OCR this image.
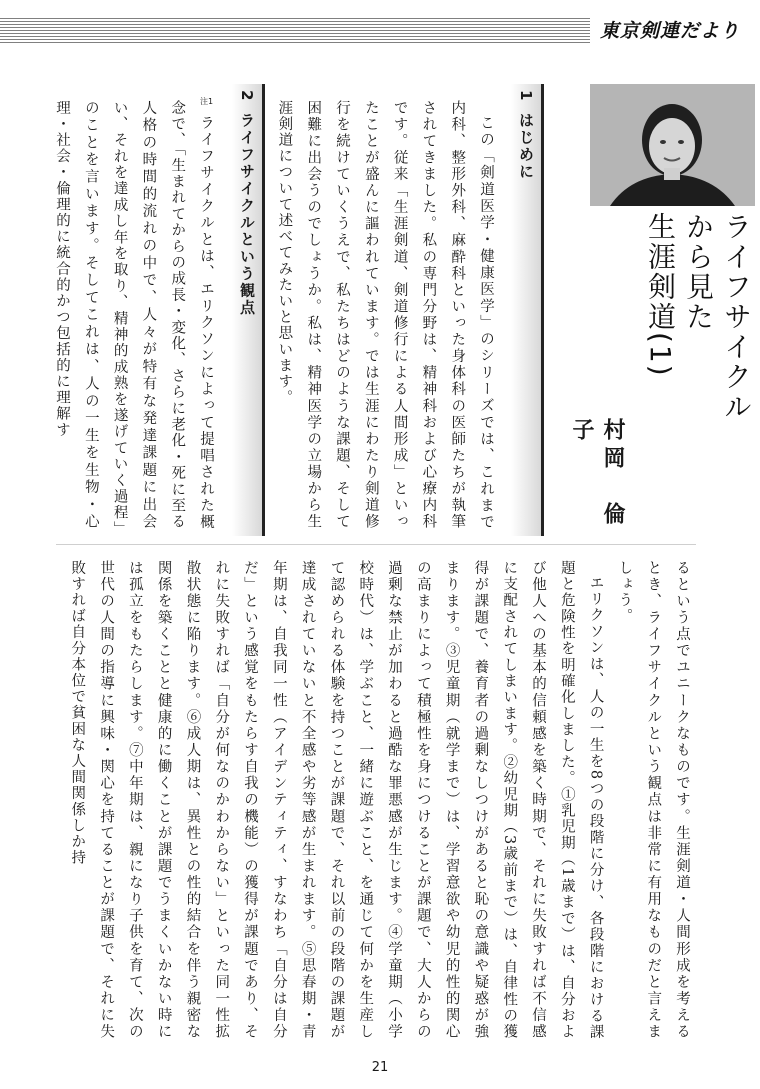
東京剣連だより
ライフサイクルから見た
生涯剣道(1)
村岡　倫子
1はじめに

この「剣道医学・健康医学」のシリーズでは、これまで内科、整形外科、麻酔科といった身体科の医師たちが執筆されてきました。私の専門分野は、精神科および心療内科です。従来「生涯剣道、剣道修行による人間形成」といったことが盛んに謳われています。では生涯にわたり剣道修行を続けていくうえで、私たちはどのような課題、そして困難に出会うのでしょうか。私は、精神医学の立場から生涯剣道について述べてみたいと思います。

2ライフサイクルという観点

ライフサイクルとは、エリクソンによって提唱された概念で、「生まれてからの成長・変化、さらに老化・死に至る人格の時間的流れの中で、人々が特有な発達課題に出会い、それを達成し年を取り、精神的成熟を遂げていく過程」のことを言います。そしてこれは、人の一生を生物・心理・社会・倫理的に統合的かつ包括的に理解す	注1

るという点でユニークなものです。生涯剣道・人間形成を考えるとき、ライフサイクルという観点は非常に有用なものだと言えましょう。

エリクソンは、人の一生を8つの段階に分け、各段階における課題と危険性を明確化しました。①乳児期（1歳まで）は、自分および他人への基本的信頼感を築く時期で、それに失敗すれば不信感に支配されてしまいます。②幼児期（3歳前まで）は、自律性の獲得が課題で、養育者の過剰なしつけがあると恥の意識や疑惑が強まります。③児童期（就学まで）は、学習意欲や幼児的性的関心の高まりによって積極性を身につけることが課題で、大人からの過剰な禁止が加わると過酷な罪悪感が生じます。④学童期（小学校時代）は、学ぶこと、一緒に遊ぶこと、を通じて何かを生産して認められる体験を持つことが課題で、それ以前の段階の課題が達成されていないと不全感や劣等感が生まれます。⑤思春期・青年期は、自我同一性（アイデンティティ、すなわち「自分は自分だ」という感覚をもたらす自我の機能）の獲得が課題であり、それに失敗すれば「自分が何なのかわからない」といった同一性拡散状態に陥ります。⑥成人期は、異性との性的結合を伴う親密な関係を築くことと健康的に働くことが課題でうまくいかない時には孤立をもたらします。⑦中年期は、親になり子供を育て、次の世代の人間の指導に興味・関心を持てることが課題で、それに失敗すれば自分本位で貧困な人間関係しか持

21
